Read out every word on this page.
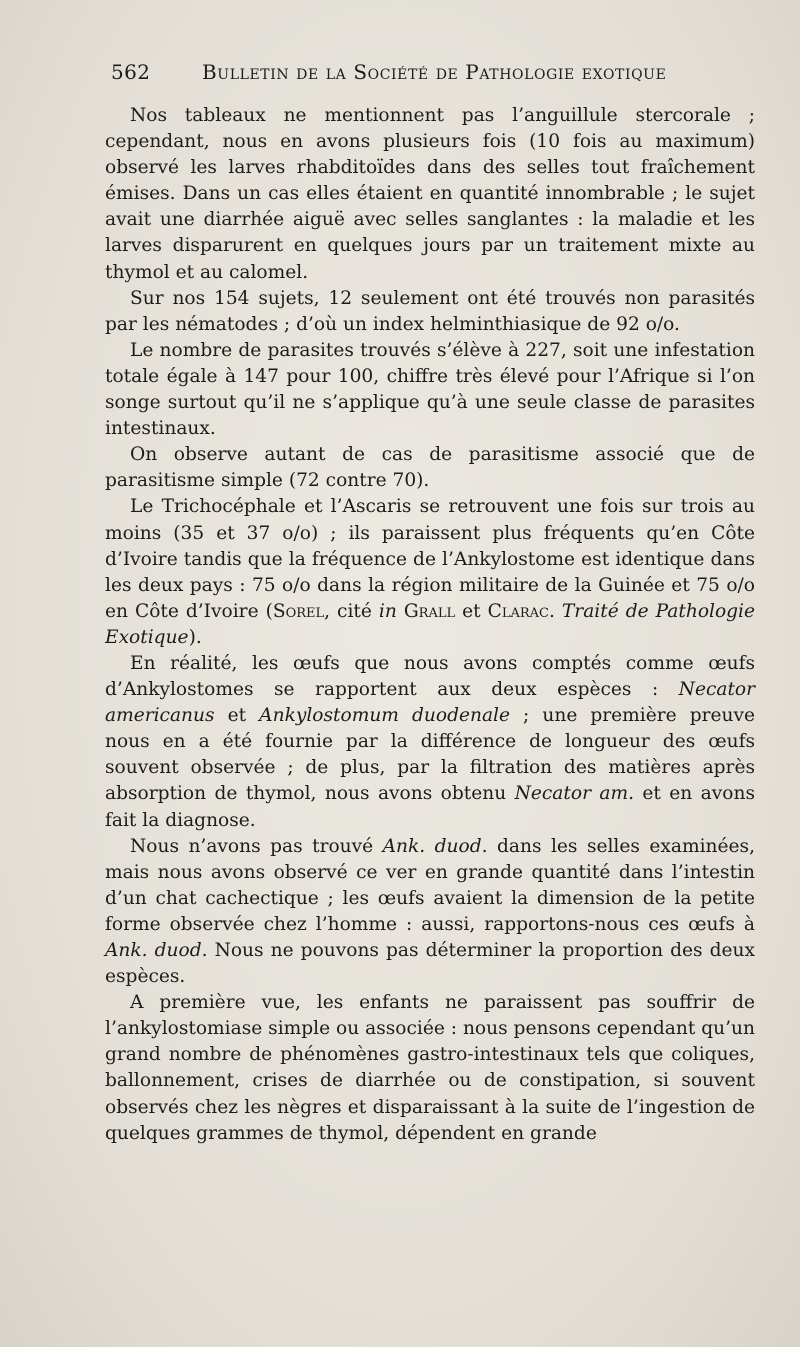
562	Bulletin de la Société de Pathologie exotique

Nos tableaux ne mentionnent pas l’anguillule stercorale ; cependant, nous en avons plusieurs fois (10 fois au maximum) observé les larves rhabditoïdes dans des selles tout fraîchement émises. Dans un cas elles étaient en quantité innombrable ; le sujet avait une diarrhée aiguë avec selles sanglantes : la maladie et les larves disparurent en quelques jours par un traitement mixte au thymol et au calomel.

Sur nos 154 sujets, 12 seulement ont été trouvés non parasités par les nématodes ; d’où un index helminthiasique de 92 o/o.

Le nombre de parasites trouvés s’élève à 227, soit une infestation totale égale à 147 pour 100, chiffre très élevé pour l’Afrique si l’on songe surtout qu’il ne s’applique qu’à une seule classe de parasites intestinaux.

On observe autant de cas de parasitisme associé que de parasitisme simple (72 contre 70).

Le Trichocéphale et l’Ascaris se retrouvent une fois sur trois au moins (35 et 37 o/o) ; ils paraissent plus fréquents qu’en Côte d’Ivoire tandis que la fréquence de l’Ankylostome est identique dans les deux pays : 75 o/o dans la région militaire de la Guinée et 75 o/o en Côte d’Ivoire (Sorel, cité in Grall et Clarac. Traité de Pathologie Exotique).

En réalité, les œufs que nous avons comptés comme œufs d’Ankylostomes se rapportent aux deux espèces : Necator americanus et Ankylostomum duodenale ; une première preuve nous en a été fournie par la différence de longueur des œufs souvent observée ; de plus, par la filtration des matières après absorption de thymol, nous avons obtenu Necator am. et en avons fait la diagnose.

Nous n’avons pas trouvé Ank. duod. dans les selles examinées, mais nous avons observé ce ver en grande quantité dans l’intestin d’un chat cachectique ; les œufs avaient la dimension de la petite forme observée chez l’homme : aussi, rapportons-nous ces œufs à Ank. duod. Nous ne pouvons pas déterminer la proportion des deux espèces.

A première vue, les enfants ne paraissent pas souffrir de l’ankylostomiase simple ou associée : nous pensons cependant qu’un grand nombre de phénomènes gastro-intestinaux tels que coliques, ballonnement, crises de diarrhée ou de constipation, si souvent observés chez les nègres et disparaissant à la suite de l’ingestion de quelques grammes de thymol, dépendent en grande
